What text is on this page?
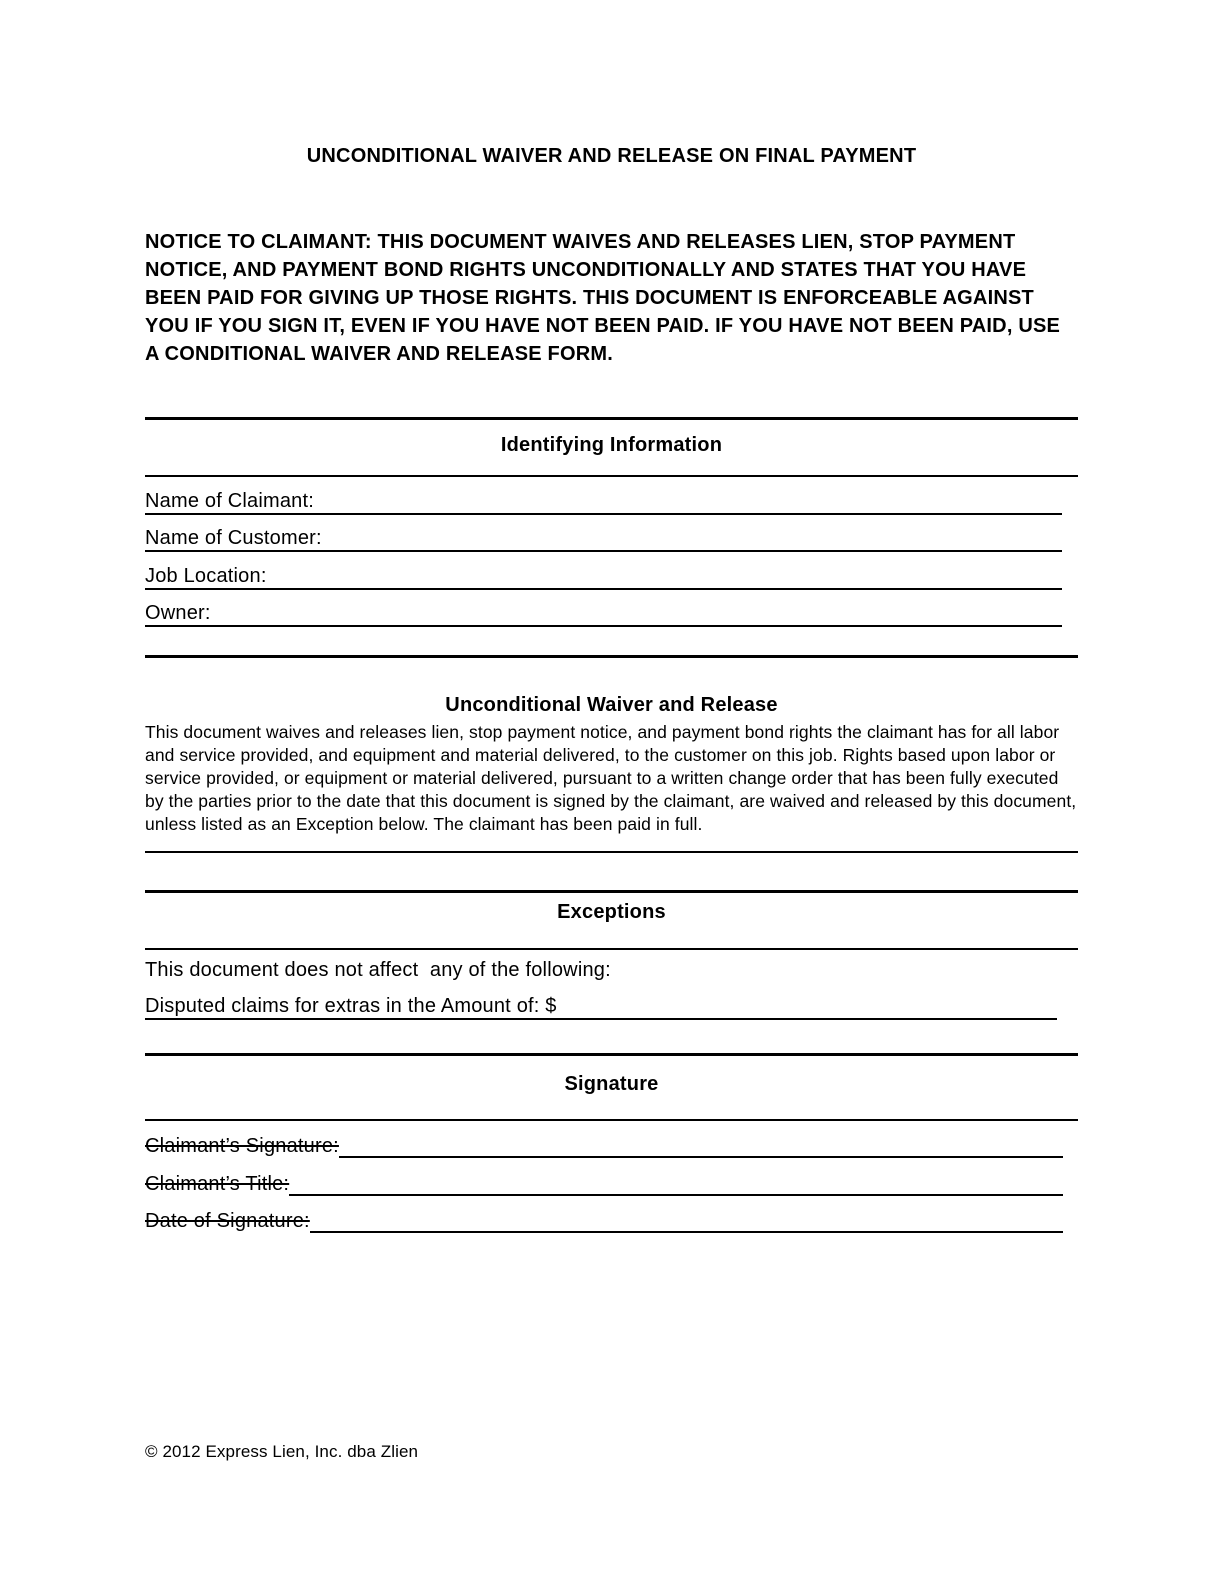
UNCONDITIONAL WAIVER AND RELEASE ON FINAL PAYMENT
NOTICE TO CLAIMANT: THIS DOCUMENT WAIVES AND RELEASES LIEN, STOP PAYMENT NOTICE, AND PAYMENT BOND RIGHTS UNCONDITIONALLY AND STATES THAT YOU HAVE BEEN PAID FOR GIVING UP THOSE RIGHTS. THIS DOCUMENT IS ENFORCEABLE AGAINST YOU IF YOU SIGN IT, EVEN IF YOU HAVE NOT BEEN PAID. IF YOU HAVE NOT BEEN PAID, USE A CONDITIONAL WAIVER AND RELEASE FORM.
Identifying Information
Name of Claimant:
Name of Customer:
Job Location:
Owner:
Unconditional Waiver and Release
This document waives and releases lien, stop payment notice, and payment bond rights the claimant has for all labor and service provided, and equipment and material delivered, to the customer on this job. Rights based upon labor or service provided, or equipment or material delivered, pursuant to a written change order that has been fully executed by the parties prior to the date that this document is signed by the claimant, are waived and released by this document, unless listed as an Exception below. The claimant has been paid in full.
Exceptions
This document does not affect  any of the following:
Disputed claims for extras in the Amount of: $
Signature
Claimant’s Signature:
Claimant’s Title:
Date of Signature:
© 2012 Express Lien, Inc. dba Zlien
